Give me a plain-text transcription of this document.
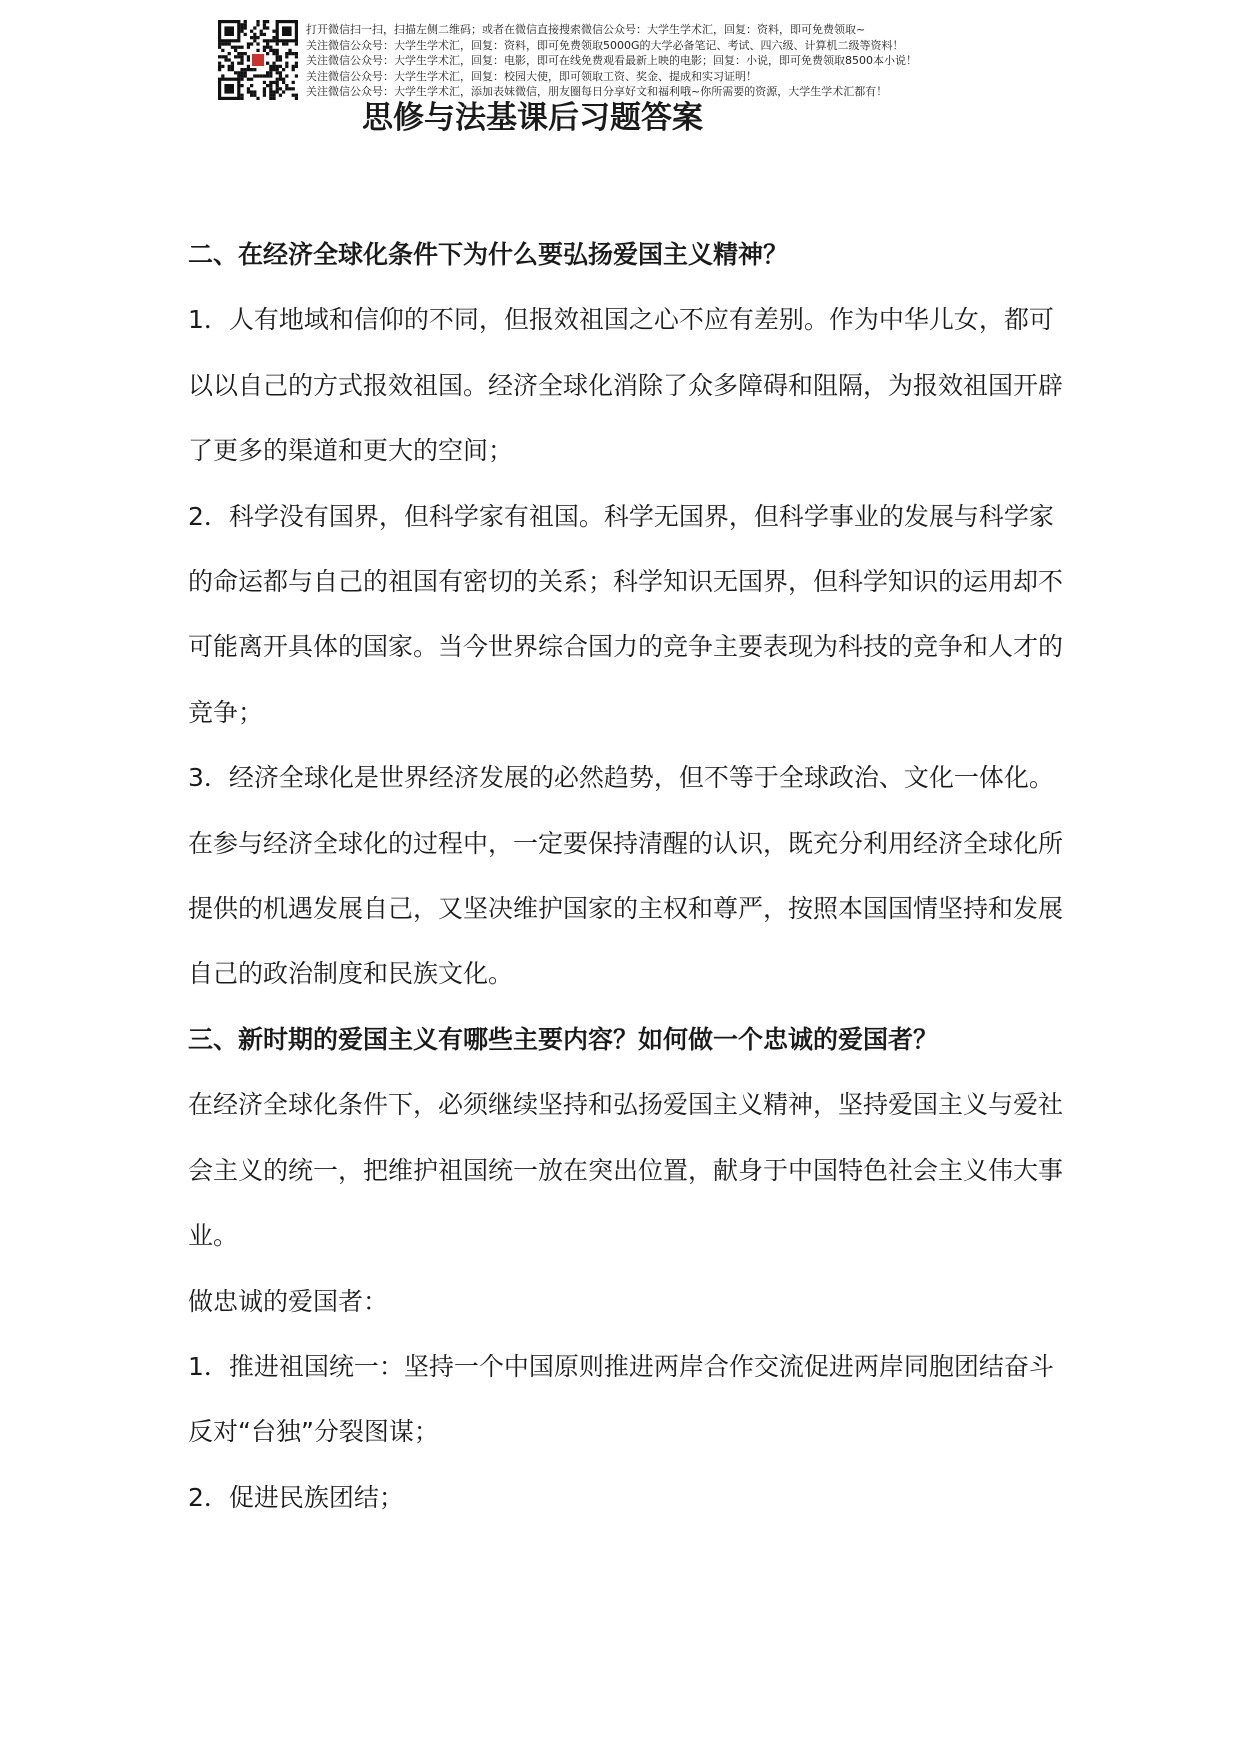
打开微信扫一扫，扫描左侧二维码；或者在微信直接搜索微信公众号：大学生学术汇，回复：资料，即可免费领取~
关注微信公众号：大学生学术汇，回复：资料，即可免费领取5000G的大学必备笔记、考试、四六级、计算机二级等资料！
关注微信公众号：大学生学术汇，回复：电影，即可在线免费观看最新上映的电影；回复：小说，即可免费领取8500本小说！
关注微信公众号：大学生学术汇，回复：校园大使，即可领取工资、奖金、提成和实习证明！
关注微信公众号：大学生学术汇，添加表妹微信，朋友圈每日分享好文和福利哦~你所需要的资源，大学生学术汇都有！
思修与法基课后习题答案

二、在经济全球化条件下为什么要弘扬爱国主义精神？

1．人有地域和信仰的不同，但报效祖国之心不应有差别。作为中华儿女，都可以以自己的方式报效祖国。经济全球化消除了众多障碍和阻隔，为报效祖国开辟了更多的渠道和更大的空间；

2．科学没有国界，但科学家有祖国。科学无国界，但科学事业的发展与科学家的命运都与自己的祖国有密切的关系；科学知识无国界，但科学知识的运用却不可能离开具体的国家。当今世界综合国力的竞争主要表现为科技的竞争和人才的竞争；

3．经济全球化是世界经济发展的必然趋势，但不等于全球政治、文化一体化。在参与经济全球化的过程中，一定要保持清醒的认识，既充分利用经济全球化所提供的机遇发展自己，又坚决维护国家的主权和尊严，按照本国国情坚持和发展自己的政治制度和民族文化。

三、新时期的爱国主义有哪些主要内容？如何做一个忠诚的爱国者？

在经济全球化条件下，必须继续坚持和弘扬爱国主义精神，坚持爱国主义与爱社会主义的统一，把维护祖国统一放在突出位置，献身于中国特色社会主义伟大事业。

做忠诚的爱国者：

1．推进祖国统一：坚持一个中国原则推进两岸合作交流促进两岸同胞团结奋斗反对“台独”分裂图谋；

2．促进民族团结；
